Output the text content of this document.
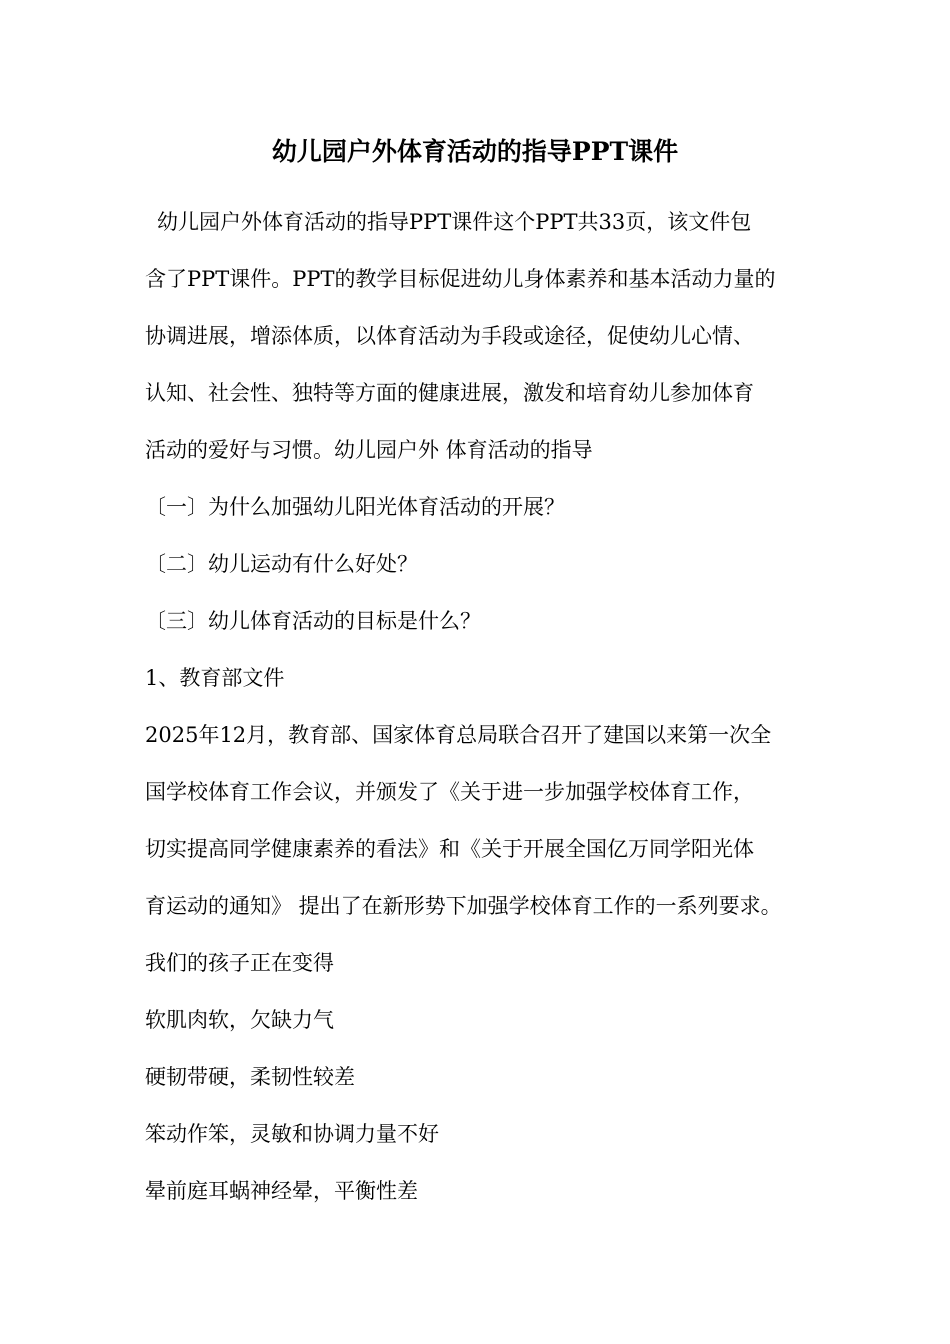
幼儿园户外体育活动的指导PPT课件
幼儿园户外体育活动的指导PPT课件这个PPT共33页，该文件包
含了PPT课件。PPT的教学目标促进幼儿身体素养和基本活动力量的
协调进展，增添体质，以体育活动为手段或途径，促使幼儿心情、
认知、社会性、独特等方面的健康进展，激发和培育幼儿参加体育
活动的爱好与习惯。幼儿园户外 体育活动的指导
〔一〕为什么加强幼儿阳光体育活动的开展？
〔二〕幼儿运动有什么好处？
〔三〕幼儿体育活动的目标是什么？
1、教育部文件
2025年12月，教育部、国家体育总局联合召开了建国以来第一次全
国学校体育工作会议，并颁发了《关于进一步加强学校体育工作，
切实提高同学健康素养的看法》和《关于开展全国亿万同学阳光体
育运动的通知》 提出了在新形势下加强学校体育工作的一系列要求。
我们的孩子正在变得
软肌肉软，欠缺力气
硬韧带硬，柔韧性较差
笨动作笨，灵敏和协调力量不好
晕前庭耳蜗神经晕，平衡性差
